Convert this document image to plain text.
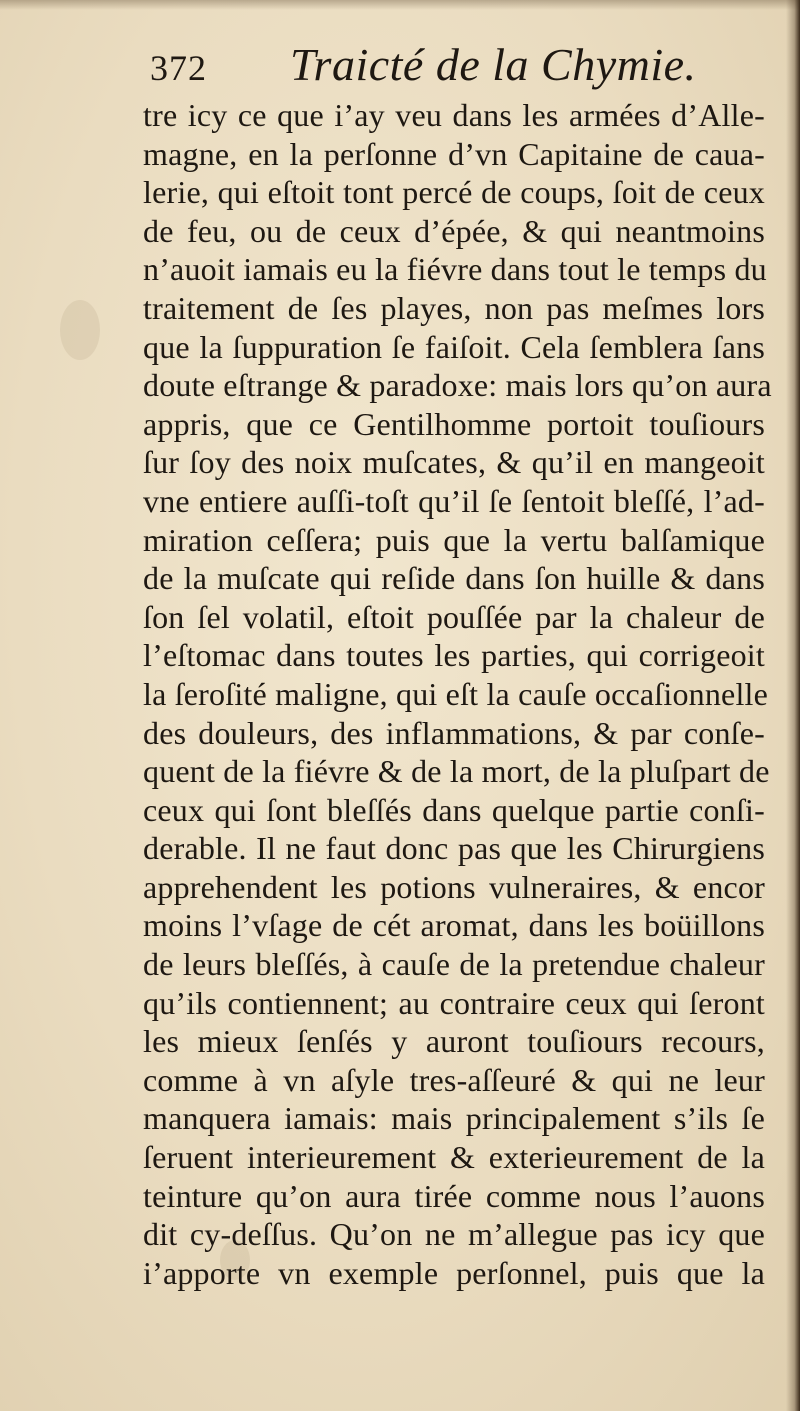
372	Traicté de la Chymie.
tre icy ce que i’ay veu dans les armées d’Alle-
magne, en la perſonne d’vn Capitaine de caua-
lerie, qui eſtoit tont percé de coups, ſoit de ceux
de feu, ou de ceux d’épée, & qui neantmoins
n’auoit iamais eu la fiévre dans tout le temps du
traitement de ſes playes, non pas meſmes lors
que la ſuppuration ſe faiſoit. Cela ſemblera ſans
doute eſtrange & paradoxe: mais lors qu’on aura
appris, que ce Gentilhomme portoit touſiours
ſur ſoy des noix muſcates, & qu’il en mangeoit
vne entiere auſſi-toſt qu’il ſe ſentoit bleſſé, l’ad-
miration ceſſera; puis que la vertu balſamique
de la muſcate qui reſide dans ſon huille & dans
ſon ſel volatil, eſtoit pouſſée par la chaleur de
l’eſtomac dans toutes les parties, qui corrigeoit
la ſeroſité maligne, qui eſt la cauſe occaſionnelle
des douleurs, des inflammations, & par conſe-
quent de la fiévre & de la mort, de la pluſpart de
ceux qui ſont bleſſés dans quelque partie conſi-
derable. Il ne faut donc pas que les Chirurgiens
apprehendent les potions vulneraires, & encor
moins l’vſage de cét aromat, dans les boüillons
de leurs bleſſés, à cauſe de la pretendue chaleur
qu’ils contiennent; au contraire ceux qui ſeront
les mieux ſenſés y auront touſiours recours,
comme à vn aſyle tres-aſſeuré & qui ne leur
manquera iamais: mais principalement s’ils ſe
ſeruent interieurement & exterieurement de la
teinture qu’on aura tirée comme nous l’auons
dit cy-deſſus. Qu’on ne m’allegue pas icy que
i’apporte vn exemple perſonnel, puis que la
